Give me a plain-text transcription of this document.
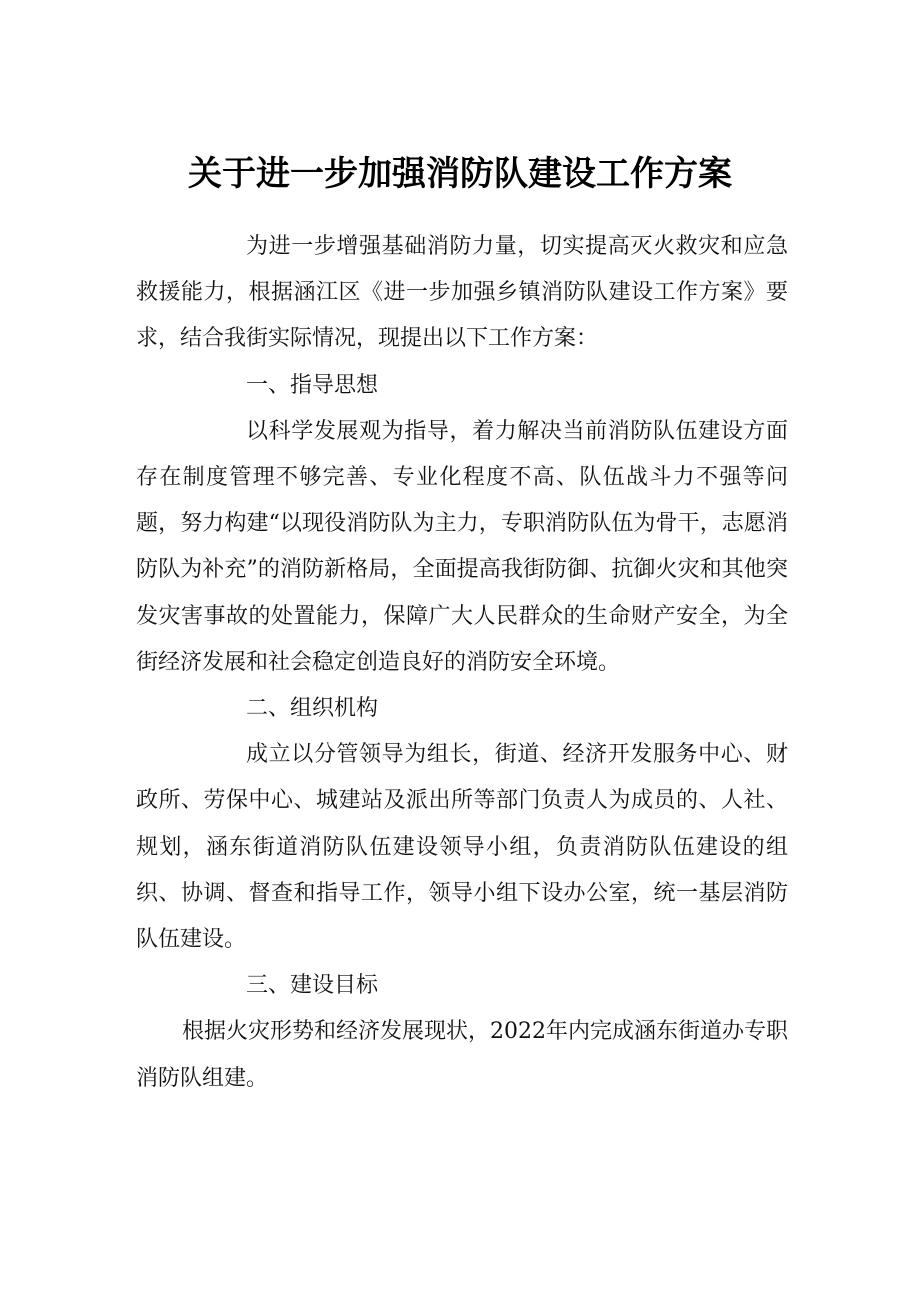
关于进一步加强消防队建设工作方案

为进一步增强基础消防力量，切实提高灭火救灾和应急救援能力，根据涵江区《进一步加强乡镇消防队建设工作方案》要求，结合我街实际情况，现提出以下工作方案：

一、指导思想

以科学发展观为指导，着力解决当前消防队伍建设方面存在制度管理不够完善、专业化程度不高、队伍战斗力不强等问题，努力构建“以现役消防队为主力，专职消防队伍为骨干，志愿消防队为补充”的消防新格局，全面提高我街防御、抗御火灾和其他突发灾害事故的处置能力，保障广大人民群众的生命财产安全，为全街经济发展和社会稳定创造良好的消防安全环境。

二、组织机构

成立以分管领导为组长，街道、经济开发服务中心、财政所、劳保中心、城建站及派出所等部门负责人为成员的、人社、规划，涵东街道消防队伍建设领导小组，负责消防队伍建设的组织、协调、督查和指导工作，领导小组下设办公室，统一基层消防队伍建设。

三、建设目标

根据火灾形势和经济发展现状，2022年内完成涵东街道办专职消防队组建。
